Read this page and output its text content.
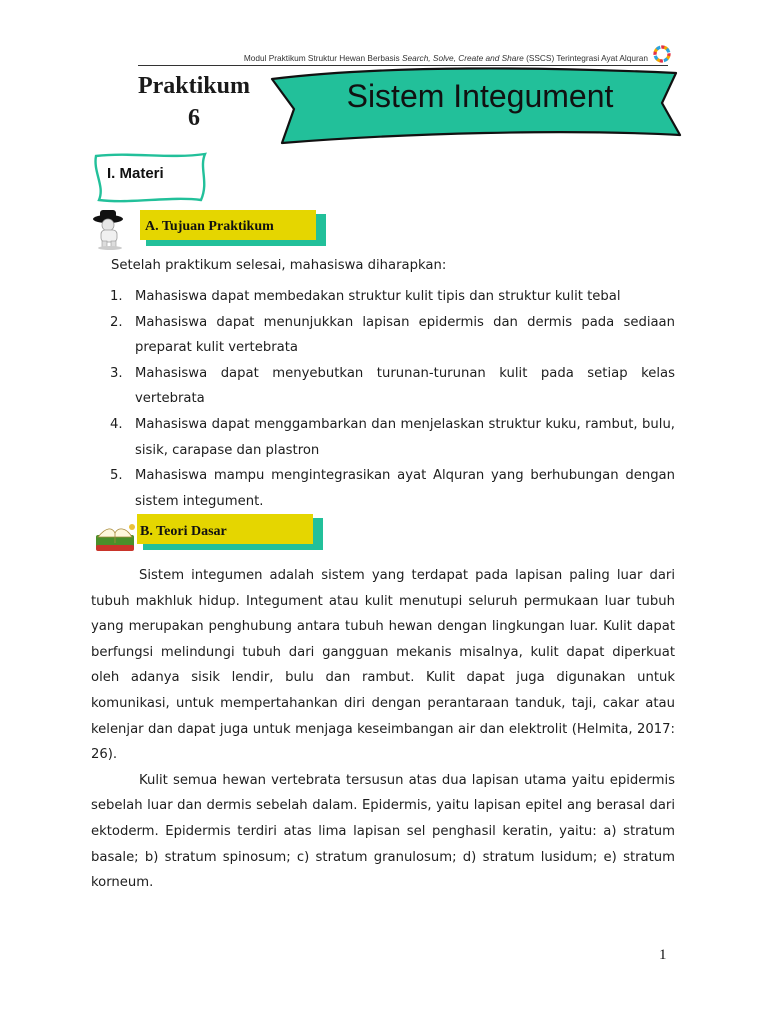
Modul Praktikum Struktur Hewan Berbasis Search, Solve, Create and Share (SSCS) Terintegrasi Ayat Alquran
Praktikum
6
Sistem Integument
I. Materi
A. Tujuan Praktikum
Setelah praktikum selesai, mahasiswa diharapkan:
1. Mahasiswa dapat membedakan struktur kulit tipis dan struktur kulit tebal
2. Mahasiswa dapat menunjukkan lapisan epidermis dan dermis pada sediaan preparat kulit vertebrata
3. Mahasiswa dapat menyebutkan turunan-turunan kulit pada setiap kelas vertebrata
4. Mahasiswa dapat menggambarkan dan menjelaskan struktur kuku, rambut, bulu, sisik, carapase dan plastron
5. Mahasiswa mampu mengintegrasikan ayat Alquran yang berhubungan dengan sistem integument.
B. Teori Dasar

Sistem integumen adalah sistem yang terdapat pada lapisan paling luar dari tubuh makhluk hidup. Integument atau kulit menutupi seluruh permukaan luar tubuh yang merupakan penghubung antara tubuh hewan dengan lingkungan luar. Kulit dapat berfungsi melindungi tubuh dari gangguan mekanis misalnya, kulit dapat diperkuat oleh adanya sisik lendir, bulu dan rambut. Kulit dapat juga digunakan untuk komunikasi, untuk mempertahankan diri dengan perantaraan tanduk, taji, cakar atau kelenjar dan dapat juga untuk menjaga keseimbangan air dan elektrolit (Helmita, 2017: 26).

Kulit semua hewan vertebrata tersusun atas dua lapisan utama yaitu epidermis sebelah luar dan dermis sebelah dalam. Epidermis, yaitu lapisan epitel ang berasal dari ektoderm. Epidermis terdiri atas lima lapisan sel penghasil keratin, yaitu: a) stratum basale; b) stratum spinosum; c) stratum granulosum; d) stratum lusidum; e) stratum korneum.

1
